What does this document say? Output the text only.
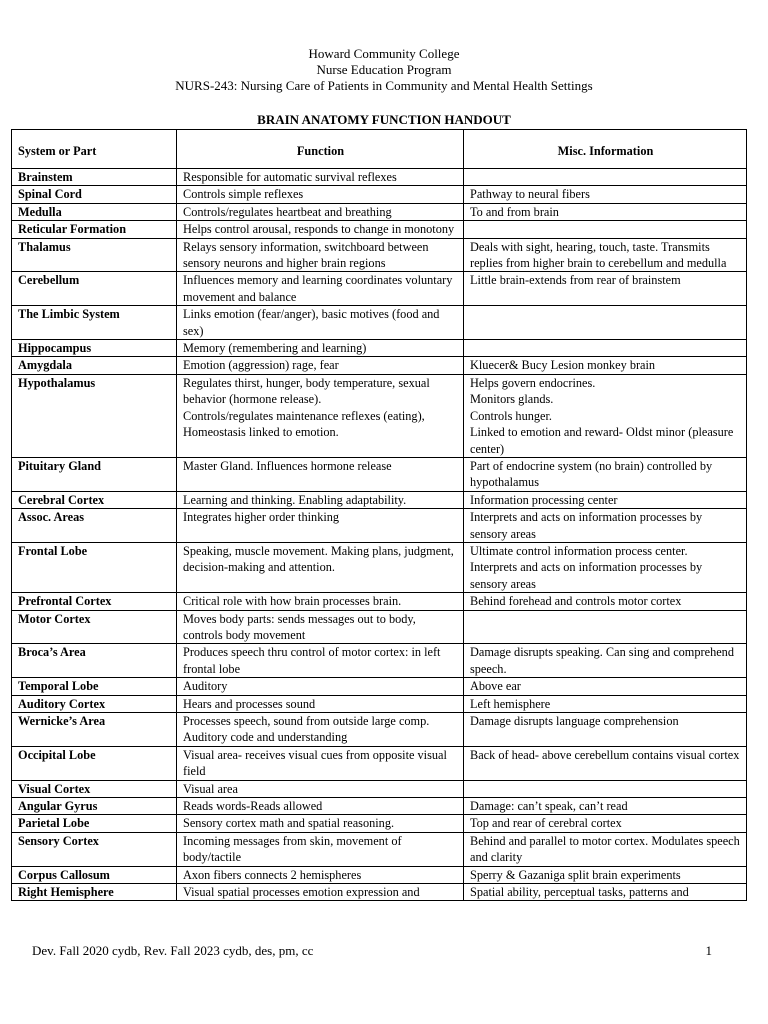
Howard Community College
Nurse Education Program
NURS-243: Nursing Care of Patients in Community and Mental Health Settings
BRAIN ANATOMY FUNCTION HANDOUT
System or Part	Function	Misc. Information
Brainstem	Responsible for automatic survival reflexes	
Spinal Cord	Controls simple reflexes	Pathway to neural fibers
Medulla	Controls/regulates heartbeat and breathing	To and from brain
Reticular Formation	Helps control arousal, responds to change in monotony	
Thalamus	Relays sensory information, switchboard between sensory neurons and higher brain regions	Deals with sight, hearing, touch, taste. Transmits replies from higher brain to cerebellum and medulla
Cerebellum	Influences memory and learning coordinates voluntary movement and balance	Little brain-extends from rear of brainstem
The Limbic System	Links emotion (fear/anger), basic motives (food and sex)	
Hippocampus	Memory (remembering and learning)	
Amygdala	Emotion (aggression) rage, fear	Kluecer& Bucy Lesion monkey brain
Hypothalamus	Regulates thirst, hunger, body temperature, sexual behavior (hormone release).
Controls/regulates maintenance reflexes (eating),
Homeostasis linked to emotion.	Helps govern endocrines.
Monitors glands.
Controls hunger.
Linked to emotion and reward- Oldst minor (pleasure center)
Pituitary Gland	Master Gland. Influences hormone release	Part of endocrine system (no brain) controlled by hypothalamus
Cerebral Cortex	Learning and thinking. Enabling adaptability.	Information processing center
Assoc. Areas	Integrates higher order thinking	Interprets and acts on information processes by sensory areas
Frontal Lobe	Speaking, muscle movement. Making plans, judgment, decision-making and attention.	Ultimate control information process center.
Interprets and acts on information processes by sensory areas
Prefrontal Cortex	Critical role with how brain processes brain.	Behind forehead and controls motor cortex
Motor Cortex	Moves body parts: sends messages out to body, controls body movement	
Broca’s Area	Produces speech thru control of motor cortex: in left frontal lobe	Damage disrupts speaking. Can sing and comprehend speech.
Temporal Lobe	Auditory	Above ear
Auditory Cortex	Hears and processes sound	Left hemisphere
Wernicke’s Area	Processes speech, sound from outside large comp. Auditory code and understanding	Damage disrupts language comprehension
Occipital Lobe	Visual area- receives visual cues from opposite visual field	Back of head- above cerebellum contains visual cortex
Visual Cortex	Visual area	
Angular Gyrus	Reads words-Reads allowed	Damage: can’t speak, can’t read
Parietal Lobe	Sensory cortex math and spatial reasoning.	Top and rear of cerebral cortex
Sensory Cortex	Incoming messages from skin, movement of body/tactile	Behind and parallel to motor cortex. Modulates speech and clarity
Corpus Callosum	Axon fibers connects 2 hemispheres	Sperry & Gazaniga split brain experiments
Right Hemisphere	Visual spatial processes emotion expression and	Spatial ability, perceptual tasks, patterns and
Dev. Fall 2020 cydb, Rev. Fall 2023 cydb, des, pm, cc	1
